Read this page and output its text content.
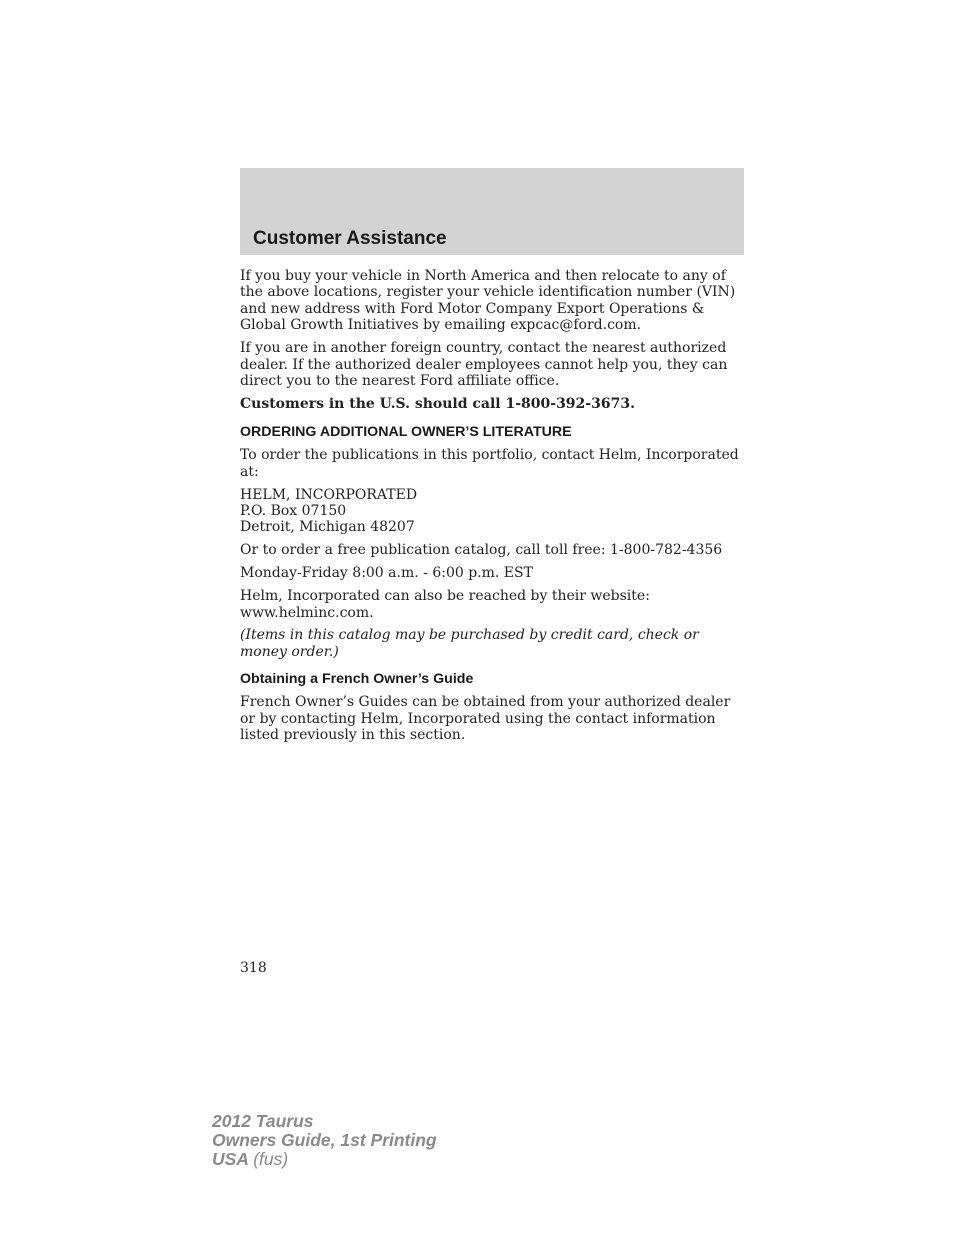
Customer Assistance

If you buy your vehicle in North America and then relocate to any of the above locations, register your vehicle identification number (VIN) and new address with Ford Motor Company Export Operations & Global Growth Initiatives by emailing expcac@ford.com.

If you are in another foreign country, contact the nearest authorized dealer. If the authorized dealer employees cannot help you, they can direct you to the nearest Ford affiliate office.

Customers in the U.S. should call 1-800-392-3673.

ORDERING ADDITIONAL OWNER’S LITERATURE

To order the publications in this portfolio, contact Helm, Incorporated at:

HELM, INCORPORATED
P.O. Box 07150
Detroit, Michigan 48207

Or to order a free publication catalog, call toll free: 1-800-782-4356

Monday-Friday 8:00 a.m. - 6:00 p.m. EST

Helm, Incorporated can also be reached by their website: www.helminc.com.

(Items in this catalog may be purchased by credit card, check or money order.)

Obtaining a French Owner’s Guide

French Owner’s Guides can be obtained from your authorized dealer or by contacting Helm, Incorporated using the contact information listed previously in this section.

318
2012 Taurus
Owners Guide, 1st Printing
USA (fus)
